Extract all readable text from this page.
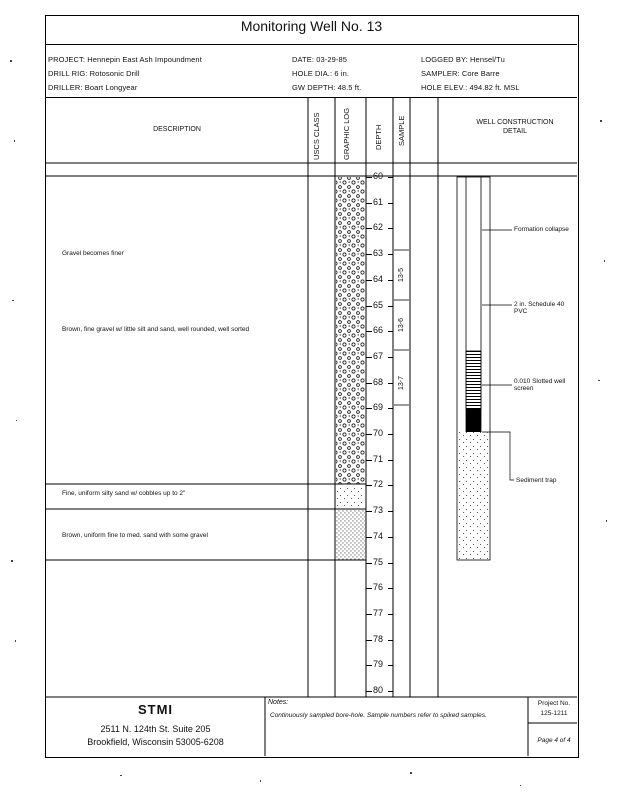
Monitoring Well No. 13
PROJECT: Hennepin East Ash Impoundment
DRILL RIG: Rotosonic Drill
DRILLER: Boart Longyear
DATE: 03-29-85
HOLE DIA.: 6 in.
GW DEPTH: 48.5 ft.
LOGGED BY: Hensel/Tu
SAMPLER: Core Barre
HOLE ELEV.: 494.82 ft. MSL
DESCRIPTION	USCS CLASS	GRAPHIC LOG	DEPTH SAMPLE	WELL CONSTRUCTION DETAIL
60
61
62
63
64
65
66
67
68
69
70
71
72
73
74
75
76
77
78
79
80
13-5
13-6
13-7
Gravel becomes finer
Brown, fine gravel w/ little silt and sand, well rounded, well sorted
Fine, uniform silty sand w/ cobbles up to 2"
Brown, uniform fine to med. sand with some gravel
Formation collapse
2 in. Schedule 40 PVC
0.010 Slotted well screen
Sediment trap
STMI
2511 N. 124th St. Suite 205
Brookfield, Wisconsin 53005-6208
Notes:
Continuously sampled bore-hole. Sample numbers refer to spiked samples.
Project No.
125-1211
Page 4 of 4
